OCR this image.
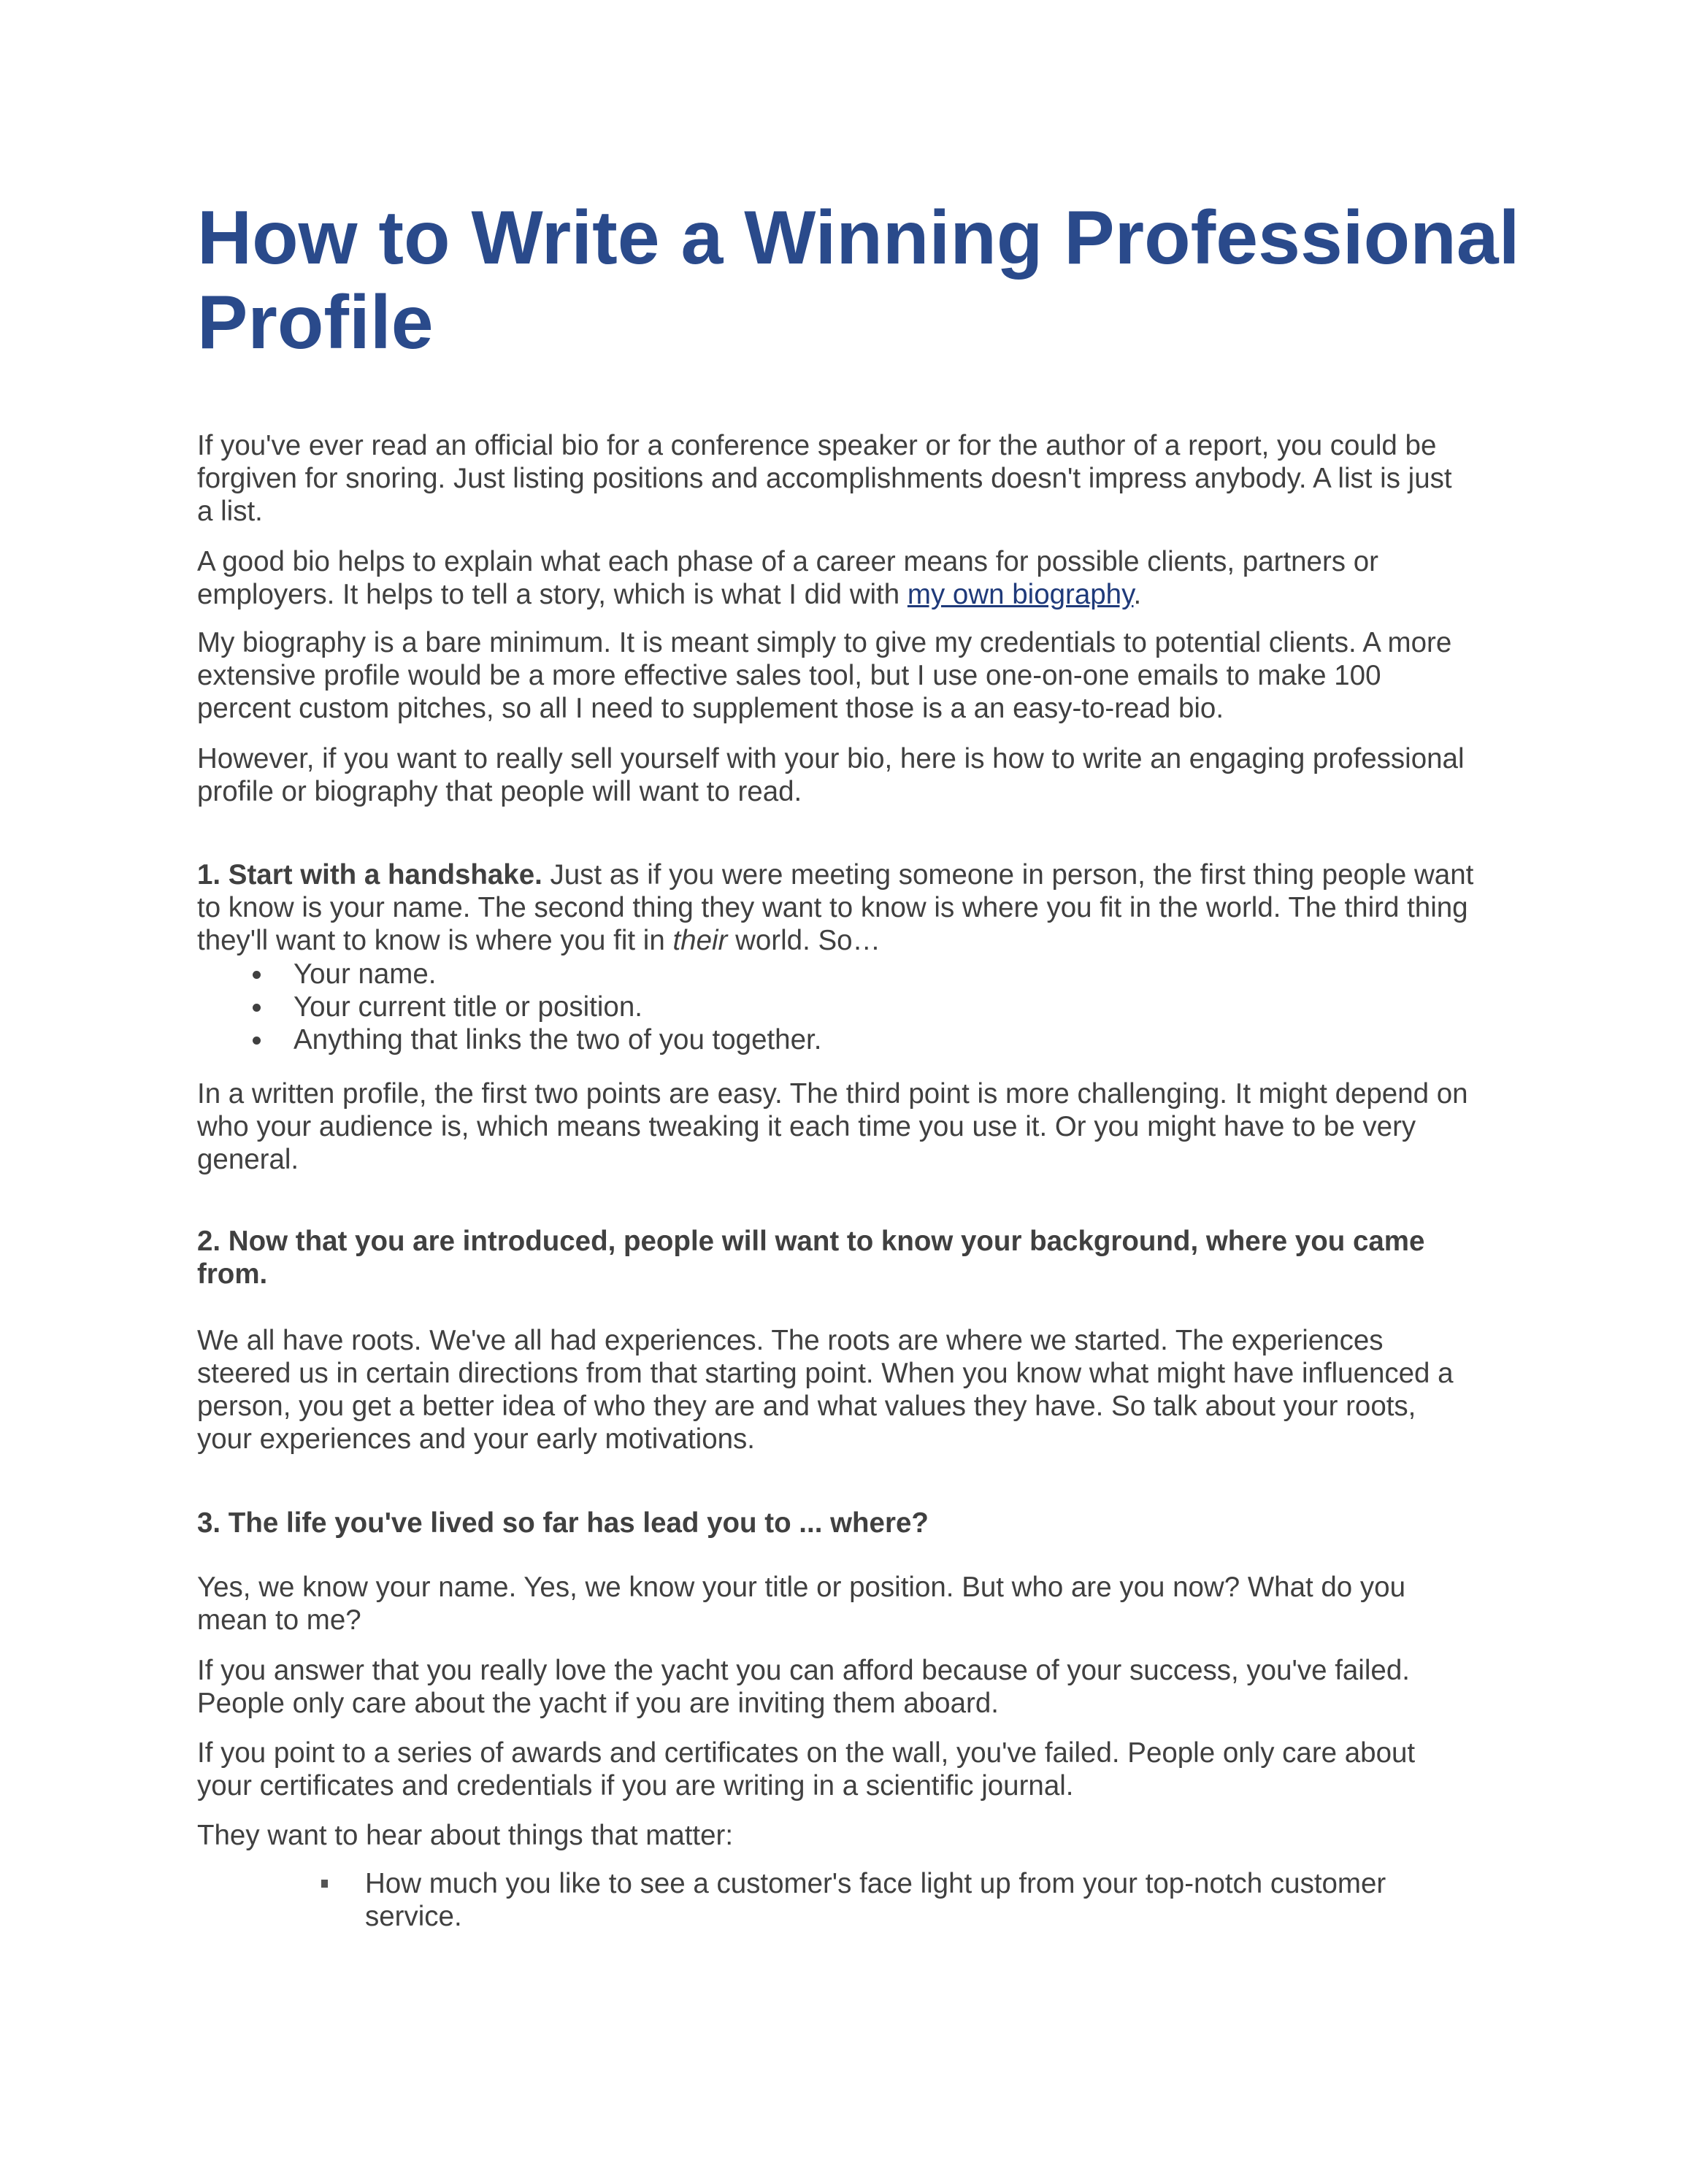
How to Write a Winning Professional Profile

If you've ever read an official bio for a conference speaker or for the author of a report, you could be forgiven for snoring. Just listing positions and accomplishments doesn't impress anybody. A list is just a list.

A good bio helps to explain what each phase of a career means for possible clients, partners or employers. It helps to tell a story, which is what I did with my own biography.

My biography is a bare minimum. It is meant simply to give my credentials to potential clients. A more extensive profile would be a more effective sales tool, but I use one-on-one emails to make 100 percent custom pitches, so all I need to supplement those is a an easy-to-read bio.

However, if you want to really sell yourself with your bio, here is how to write an engaging professional profile or biography that people will want to read.

1. Start with a handshake. Just as if you were meeting someone in person, the first thing people want to know is your name. The second thing they want to know is where you fit in the world. The third thing they'll want to know is where you fit in their world. So…

Your name.
Your current title or position.
Anything that links the two of you together.

In a written profile, the first two points are easy. The third point is more challenging. It might depend on who your audience is, which means tweaking it each time you use it. Or you might have to be very general.

2. Now that you are introduced, people will want to know your background, where you came from.

We all have roots. We've all had experiences. The roots are where we started. The experiences steered us in certain directions from that starting point. When you know what might have influenced a person, you get a better idea of who they are and what values they have. So talk about your roots, your experiences and your early motivations.

3. The life you've lived so far has lead you to ... where?

Yes, we know your name. Yes, we know your title or position. But who are you now? What do you mean to me?

If you answer that you really love the yacht you can afford because of your success, you've failed. People only care about the yacht if you are inviting them aboard.

If you point to a series of awards and certificates on the wall, you've failed. People only care about your certificates and credentials if you are writing in a scientific journal.

They want to hear about things that matter:

How much you like to see a customer's face light up from your top-notch customer service.
